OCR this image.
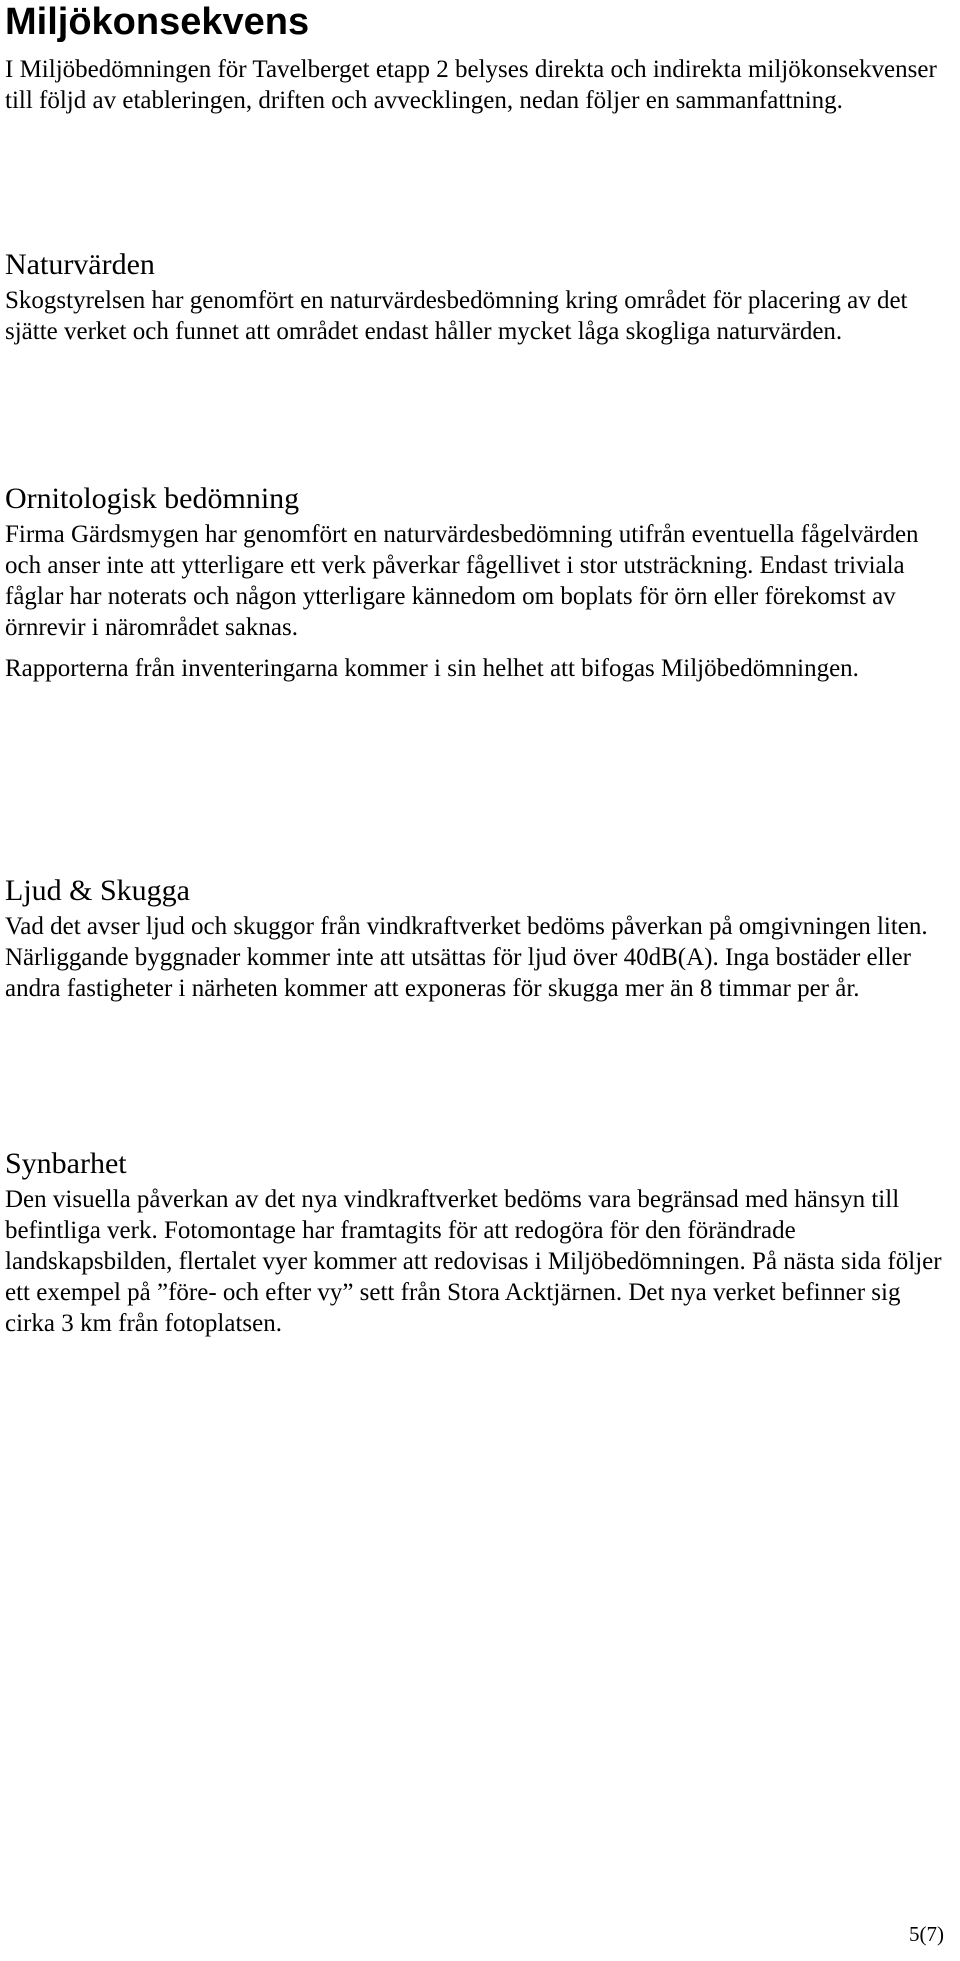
Miljökonsekvens

I Miljöbedömningen för Tavelberget etapp 2 belyses direkta och indirekta miljökonsekvenser till följd av etableringen, driften och avvecklingen, nedan följer en sammanfattning.

Naturvärden

Skogstyrelsen har genomfört en naturvärdesbedömning kring området för placering av det sjätte verket och funnet att området endast håller mycket låga skogliga naturvärden.

Ornitologisk bedömning

Firma Gärdsmygen har genomfört en naturvärdesbedömning utifrån eventuella fågelvärden och anser inte att ytterligare ett verk påverkar fågellivet i stor utsträckning. Endast triviala fåglar har noterats och någon ytterligare kännedom om boplats för örn eller förekomst av örnrevir i närområdet saknas.

Rapporterna från inventeringarna kommer i sin helhet att bifogas Miljöbedömningen.

Ljud & Skugga

Vad det avser ljud och skuggor från vindkraftverket bedöms påverkan på omgivningen liten. Närliggande byggnader kommer inte att utsättas för ljud över 40dB(A). Inga bostäder eller andra fastigheter i närheten kommer att exponeras för skugga mer än 8 timmar per år.

Synbarhet

Den visuella påverkan av det nya vindkraftverket bedöms vara begränsad med hänsyn till befintliga verk. Fotomontage har framtagits för att redogöra för den förändrade landskapsbilden, flertalet vyer kommer att redovisas i Miljöbedömningen. På nästa sida följer ett exempel på ”före- och efter vy” sett från Stora Acktjärnen. Det nya verket befinner sig cirka 3 km från fotoplatsen.

5(7)
